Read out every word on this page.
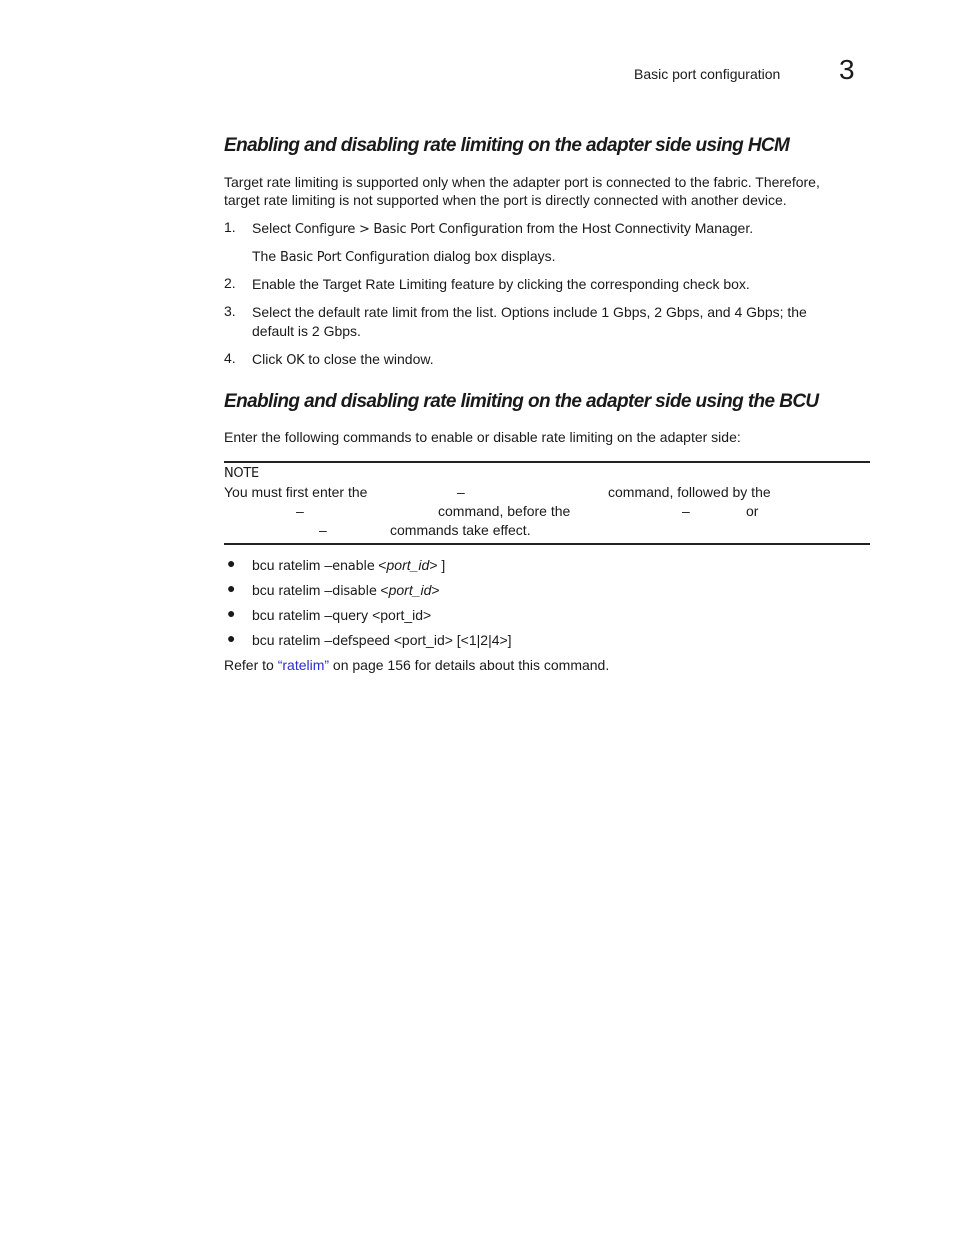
Basic port configuration 3
Enabling and disabling rate limiting on the adapter side using HCM
Target rate limiting is supported only when the adapter port is connected to the fabric. Therefore,
target rate limiting is not supported when the port is directly connected with another device.
1. Select Configure > Basic Port Configuration from the Host Connectivity Manager.
The Basic Port Configuration dialog box displays.
2. Enable the Target Rate Limiting feature by clicking the corresponding check box.
3. Select the default rate limit from the list. Options include 1 Gbps, 2 Gbps, and 4 Gbps; the
default is 2 Gbps.
4. Click OK to close the window.
Enabling and disabling rate limiting on the adapter side using the BCU
Enter the following commands to enable or disable rate limiting on the adapter side:
NOTE
You must first enter the	–	command, followed by the
–	command, before the	–	or
–	commands take effect.
● bcu ratelim –enable <port_id> ]
● bcu ratelim –disable <port_id>
● bcu ratelim –query <port_id>
● bcu ratelim –defspeed <port_id> [<1|2|4>]
Refer to “ratelim” on page 156 for details about this command.
